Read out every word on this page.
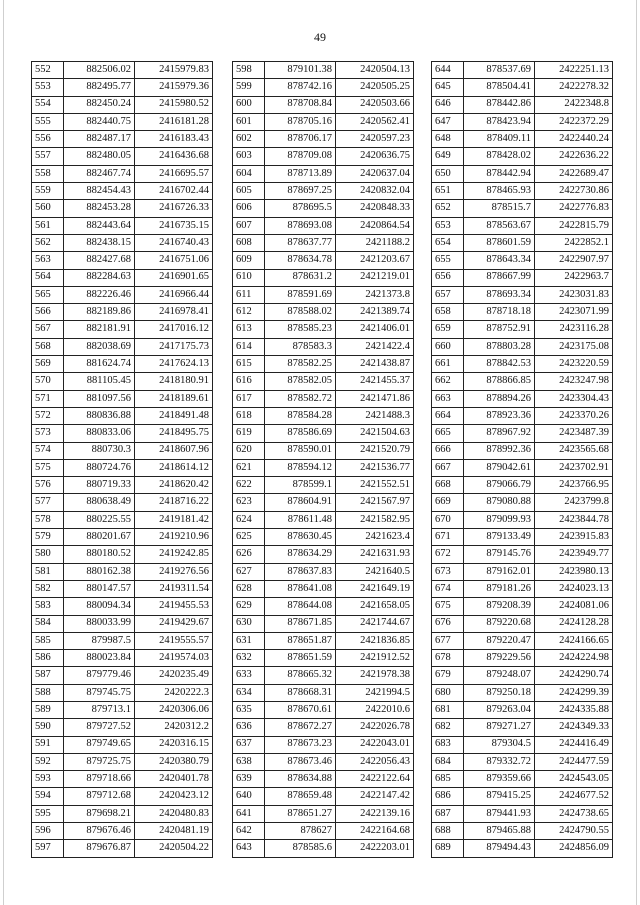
49
552	882506.02	2415979.83
553	882495.77	2415979.36
554	882450.24	2415980.52
555	882440.75	2416181.28
556	882487.17	2416183.43
557	882480.05	2416436.68
558	882467.74	2416695.57
559	882454.43	2416702.44
560	882453.28	2416726.33
561	882443.64	2416735.15
562	882438.15	2416740.43
563	882427.68	2416751.06
564	882284.63	2416901.65
565	882226.46	2416966.44
566	882189.86	2416978.41
567	882181.91	2417016.12
568	882038.69	2417175.73
569	881624.74	2417624.13
570	881105.45	2418180.91
571	881097.56	2418189.61
572	880836.88	2418491.48
573	880833.06	2418495.75
574	880730.3	2418607.96
575	880724.76	2418614.12
576	880719.33	2418620.42
577	880638.49	2418716.22
578	880225.55	2419181.42
579	880201.67	2419210.96
580	880180.52	2419242.85
581	880162.38	2419276.56
582	880147.57	2419311.54
583	880094.34	2419455.53
584	880033.99	2419429.67
585	879987.5	2419555.57
586	880023.84	2419574.03
587	879779.46	2420235.49
588	879745.75	2420222.3
589	879713.1	2420306.06
590	879727.52	2420312.2
591	879749.65	2420316.15
592	879725.75	2420380.79
593	879718.66	2420401.78
594	879712.68	2420423.12
595	879698.21	2420480.83
596	879676.46	2420481.19
597	879676.87	2420504.22
598	879101.38	2420504.13
599	878742.16	2420505.25
600	878708.84	2420503.66
601	878705.16	2420562.41
602	878706.17	2420597.23
603	878709.08	2420636.75
604	878713.89	2420637.04
605	878697.25	2420832.04
606	878695.5	2420848.33
607	878693.08	2420864.54
608	878637.77	2421188.2
609	878634.78	2421203.67
610	878631.2	2421219.01
611	878591.69	2421373.8
612	878588.02	2421389.74
613	878585.23	2421406.01
614	878583.3	2421422.4
615	878582.25	2421438.87
616	878582.05	2421455.37
617	878582.72	2421471.86
618	878584.28	2421488.3
619	878586.69	2421504.63
620	878590.01	2421520.79
621	878594.12	2421536.77
622	878599.1	2421552.51
623	878604.91	2421567.97
624	878611.48	2421582.95
625	878630.45	2421623.4
626	878634.29	2421631.93
627	878637.83	2421640.5
628	878641.08	2421649.19
629	878644.08	2421658.05
630	878671.85	2421744.67
631	878651.87	2421836.85
632	878651.59	2421912.52
633	878665.32	2421978.38
634	878668.31	2421994.5
635	878670.61	2422010.6
636	878672.27	2422026.78
637	878673.23	2422043.01
638	878673.46	2422056.43
639	878634.88	2422122.64
640	878659.48	2422147.42
641	878651.27	2422139.16
642	878627	2422164.68
643	878585.6	2422203.01
644	878537.69	2422251.13
645	878504.41	2422278.32
646	878442.86	2422348.8
647	878423.94	2422372.29
648	878409.11	2422440.24
649	878428.02	2422636.22
650	878442.94	2422689.47
651	878465.93	2422730.86
652	878515.7	2422776.83
653	878563.67	2422815.79
654	878601.59	2422852.1
655	878643.34	2422907.97
656	878667.99	2422963.7
657	878693.34	2423031.83
658	878718.18	2423071.99
659	878752.91	2423116.28
660	878803.28	2423175.08
661	878842.53	2423220.59
662	878866.85	2423247.98
663	878894.26	2423304.43
664	878923.36	2423370.26
665	878967.92	2423487.39
666	878992.36	2423565.68
667	879042.61	2423702.91
668	879066.79	2423766.95
669	879080.88	2423799.8
670	879099.93	2423844.78
671	879133.49	2423915.83
672	879145.76	2423949.77
673	879162.01	2423980.13
674	879181.26	2424023.13
675	879208.39	2424081.06
676	879220.68	2424128.28
677	879220.47	2424166.65
678	879229.56	2424224.98
679	879248.07	2424290.74
680	879250.18	2424299.39
681	879263.04	2424335.88
682	879271.27	2424349.33
683	879304.5	2424416.49
684	879332.72	2424477.59
685	879359.66	2424543.05
686	879415.25	2424677.52
687	879441.93	2424738.65
688	879465.88	2424790.55
689	879494.43	2424856.09
